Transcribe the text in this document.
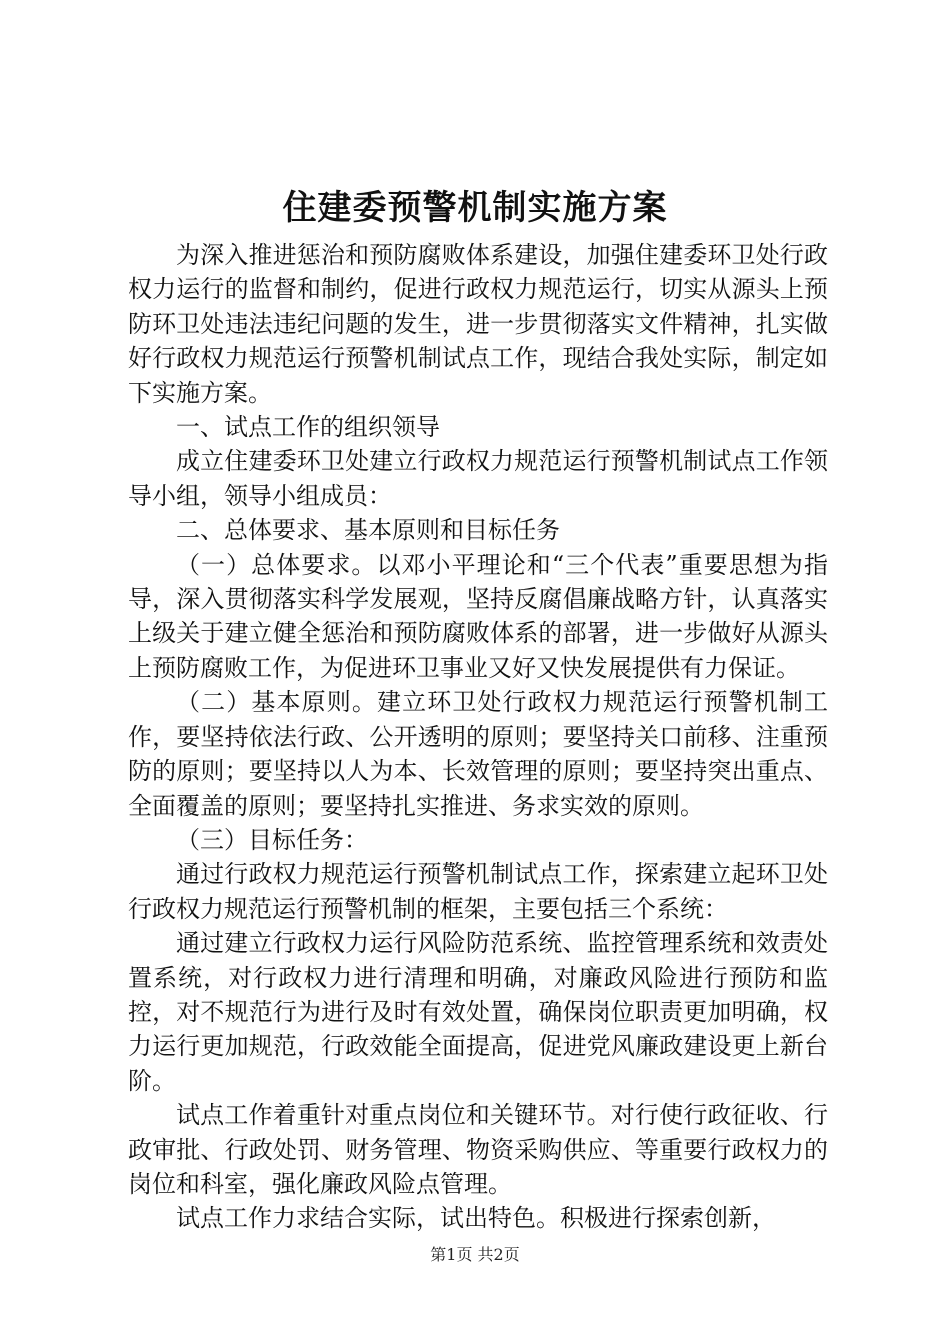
住建委预警机制实施方案

为深入推进惩治和预防腐败体系建设，加强住建委环卫处行政权力运行的监督和制约，促进行政权力规范运行，切实从源头上预防环卫处违法违纪问题的发生，进一步贯彻落实文件精神，扎实做好行政权力规范运行预警机制试点工作，现结合我处实际，制定如下实施方案。

一、试点工作的组织领导

成立住建委环卫处建立行政权力规范运行预警机制试点工作领导小组，领导小组成员：

二、总体要求、基本原则和目标任务

（一）总体要求。以邓小平理论和“三个代表”重要思想为指导，深入贯彻落实科学发展观，坚持反腐倡廉战略方针，认真落实上级关于建立健全惩治和预防腐败体系的部署，进一步做好从源头上预防腐败工作，为促进环卫事业又好又快发展提供有力保证。

（二）基本原则。建立环卫处行政权力规范运行预警机制工作，要坚持依法行政、公开透明的原则；要坚持关口前移、注重预防的原则；要坚持以人为本、长效管理的原则；要坚持突出重点、全面覆盖的原则；要坚持扎实推进、务求实效的原则。

（三）目标任务：

通过行政权力规范运行预警机制试点工作，探索建立起环卫处行政权力规范运行预警机制的框架，主要包括三个系统：

通过建立行政权力运行风险防范系统、监控管理系统和效责处置系统，对行政权力进行清理和明确，对廉政风险进行预防和监控，对不规范行为进行及时有效处置，确保岗位职责更加明确，权力运行更加规范，行政效能全面提高，促进党风廉政建设更上新台阶。

试点工作着重针对重点岗位和关键环节。对行使行政征收、行政审批、行政处罚、财务管理、物资采购供应、等重要行政权力的岗位和科室，强化廉政风险点管理。

试点工作力求结合实际，试出特色。积极进行探索创新，

第1页 共2页
